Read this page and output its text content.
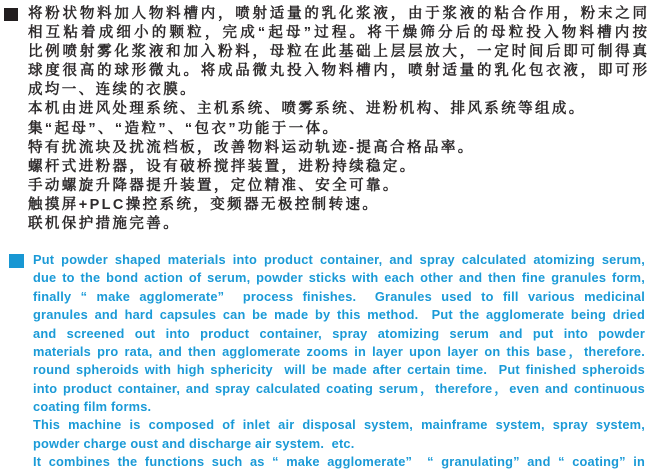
将粉状物料加人物料槽内，喷射适量的乳化浆液，由于浆液的粘合作用，粉末之同
相互粘着成细小的颗粒，完成“起母”过程。将干燥筛分后的母粒投入物料槽内按
比例喷射雾化浆液和加入粉料，母粒在此基础上层层放大，一定时间后即可制得真
球度很高的球形微丸。将成品微丸投入物料槽内，喷射适量的乳化包衣液，即可形
成均一、连续的衣膜。
本机由进风处理系统、主机系统、喷雾系统、进粉机构、排风系统等组成。
集“起母”、“造粒”、“包衣”功能于一体。
特有扰流块及扰流档板，改善物料运动轨迹-提高合格品率。
螺杆式进粉器，设有破桥搅拌装置，进粉持续稳定。
手动螺旋升降器提升装置，定位精准、安全可靠。
触摸屏+PLC操控系统，变频器无极控制转速。
联机保护措施完善。
Put powder shaped materials into product container, and spray calculated atomizing serum,
due to the bond action of serum, powder sticks with each other and then fine granules form,
finally “ make agglomerate”  process finishes.  Granules used to fill various medicinal
granules and hard capsules can be made by this method.  Put the agglomerate being dried
and screened out into product container, spray atomizing serum and put into powder
materials pro rata, and then agglomerate zooms in layer upon layer on this base，therefore.
round spheroids with high sphericity  will be made after certain time.  Put finished spheroids
into product container, and spray calculated coating serum，therefore，even and continuous
coating film forms.
This machine is composed of inlet air disposal system, mainframe system, spray system,
powder charge oust and discharge air system.  etc.
It combines the functions such as “ make agglomerate”  “ granulating” and “ coating” in
